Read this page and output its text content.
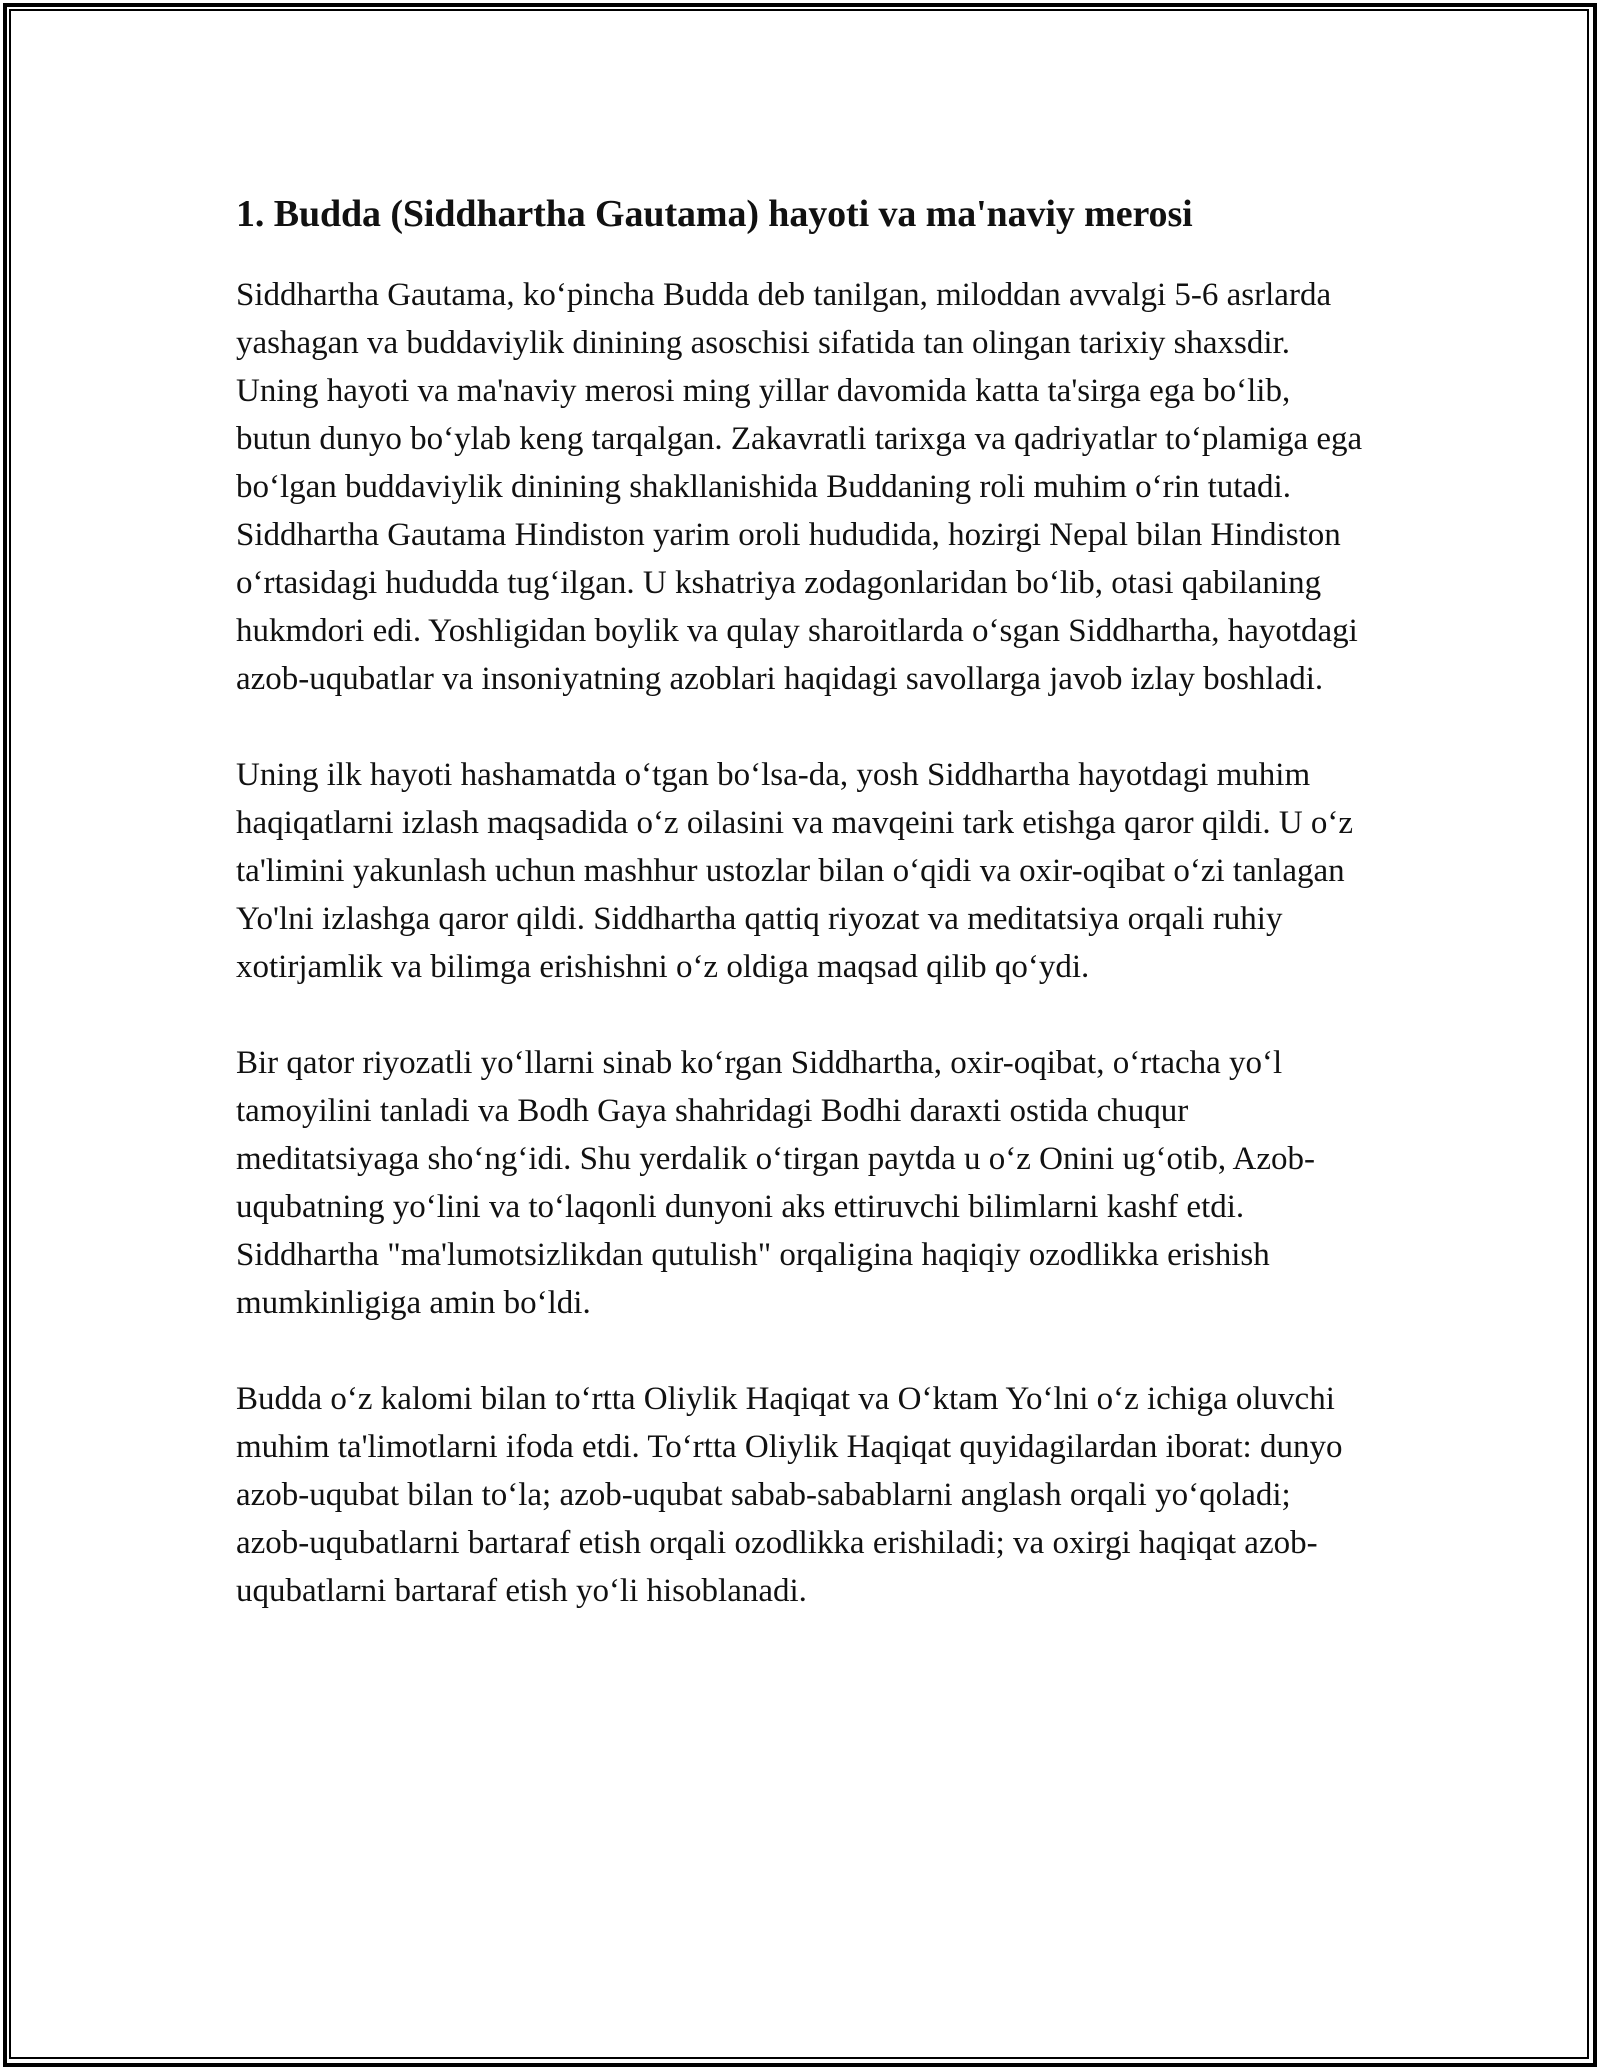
1. Budda (Siddhartha Gautama) hayoti va ma'naviy merosi

Siddhartha Gautama, ko‘pincha Budda deb tanilgan, miloddan avvalgi 5-6 asrlarda yashagan va buddaviylik dinining asoschisi sifatida tan olingan tarixiy shaxsdir. Uning hayoti va ma'naviy merosi ming yillar davomida katta ta'sirga ega bo‘lib, butun dunyo bo‘ylab keng tarqalgan. Zakavratli tarixga va qadriyatlar to‘plamiga ega bo‘lgan buddaviylik dinining shakllanishida Buddaning roli muhim o‘rin tutadi. Siddhartha Gautama Hindiston yarim oroli hududida, hozirgi Nepal bilan Hindiston o‘rtasidagi hududda tug‘ilgan. U kshatriya zodagonlaridan bo‘lib, otasi qabilaning hukmdori edi. Yoshligidan boylik va qulay sharoitlarda o‘sgan Siddhartha, hayotdagi azob-uqubatlar va insoniyatning azoblari haqidagi savollarga javob izlay boshladi.

Uning ilk hayoti hashamatda o‘tgan bo‘lsa-da, yosh Siddhartha hayotdagi muhim haqiqatlarni izlash maqsadida o‘z oilasini va mavqeini tark etishga qaror qildi. U o‘z ta'limini yakunlash uchun mashhur ustozlar bilan o‘qidi va oxir-oqibat o‘zi tanlagan Yo'lni izlashga qaror qildi. Siddhartha qattiq riyozat va meditatsiya orqali ruhiy xotirjamlik va bilimga erishishni o‘z oldiga maqsad qilib qo‘ydi.

Bir qator riyozatli yo‘llarni sinab ko‘rgan Siddhartha, oxir-oqibat, o‘rtacha yo‘l tamoyilini tanladi va Bodh Gaya shahridagi Bodhi daraxti ostida chuqur meditatsiyaga sho‘ng‘idi. Shu yerdalik o‘tirgan paytda u o‘z Onini ug‘otib, Azob-uqubatning yo‘lini va to‘laqonli dunyoni aks ettiruvchi bilimlarni kashf etdi. Siddhartha "ma'lumotsizlikdan qutulish" orqaligina haqiqiy ozodlikka erishish mumkinligiga amin bo‘ldi.

Budda o‘z kalomi bilan to‘rtta Oliylik Haqiqat va O‘ktam Yo‘lni o‘z ichiga oluvchi muhim ta'limotlarni ifoda etdi. To‘rtta Oliylik Haqiqat quyidagilardan iborat: dunyo azob-uqubat bilan to‘la; azob-uqubat sabab-sabablarni anglash orqali yo‘qoladi; azob-uqubatlarni bartaraf etish orqali ozodlikka erishiladi; va oxirgi haqiqat azob-uqubatlarni bartaraf etish yo‘li hisoblanadi.
